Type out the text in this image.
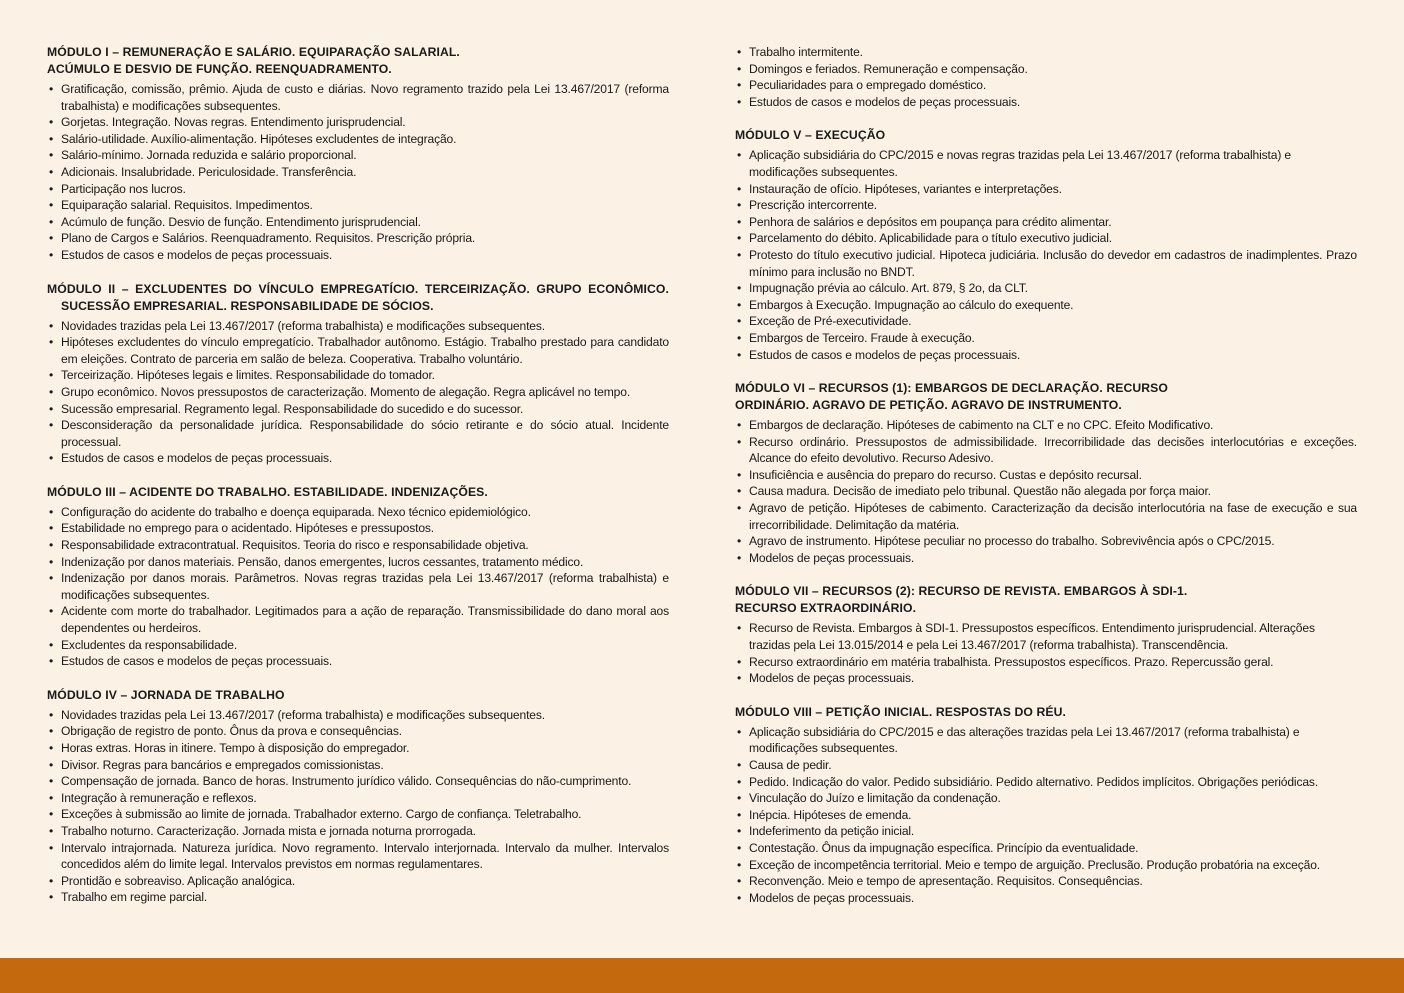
MÓDULO I – REMUNERAÇÃO E SALÁRIO. EQUIPARAÇÃO SALARIAL.
ACÚMULO E DESVIO DE FUNÇÃO. REENQUADRAMENTO.
• Gratificação, comissão, prêmio. Ajuda de custo e diárias. Novo regramento trazido pela Lei 13.467/2017 (reforma trabalhista) e modificações subsequentes.
• Gorjetas. Integração. Novas regras. Entendimento jurisprudencial.
• Salário-utilidade. Auxílio-alimentação. Hipóteses excludentes de integração.
• Salário-mínimo. Jornada reduzida e salário proporcional.
• Adicionais. Insalubridade. Periculosidade. Transferência.
• Participação nos lucros.
• Equiparação salarial. Requisitos. Impedimentos.
• Acúmulo de função. Desvio de função. Entendimento jurisprudencial.
• Plano de Cargos e Salários. Reenquadramento. Requisitos. Prescrição própria.
• Estudos de casos e modelos de peças processuais.
MÓDULO II – EXCLUDENTES DO VÍNCULO EMPREGATÍCIO. TERCEIRIZAÇÃO. GRUPO ECONÔMICO.
SUCESSÃO EMPRESARIAL. RESPONSABILIDADE DE SÓCIOS.
• Novidades trazidas pela Lei 13.467/2017 (reforma trabalhista) e modificações subsequentes.
• Hipóteses excludentes do vínculo empregatício. Trabalhador autônomo. Estágio. Trabalho prestado para candidato em eleições. Contrato de parceria em salão de beleza. Cooperativa. Trabalho voluntário.
• Terceirização. Hipóteses legais e limites. Responsabilidade do tomador.
• Grupo econômico. Novos pressupostos de caracterização. Momento de alegação. Regra aplicável no tempo.
• Sucessão empresarial. Regramento legal. Responsabilidade do sucedido e do sucessor.
• Desconsideração da personalidade jurídica. Responsabilidade do sócio retirante e do sócio atual. Incidente processual.
• Estudos de casos e modelos de peças processuais.
MÓDULO III – ACIDENTE DO TRABALHO. ESTABILIDADE. INDENIZAÇÕES.
• Configuração do acidente do trabalho e doença equiparada. Nexo técnico epidemiológico.
• Estabilidade no emprego para o acidentado. Hipóteses e pressupostos.
• Responsabilidade extracontratual. Requisitos. Teoria do risco e responsabilidade objetiva.
• Indenização por danos materiais. Pensão, danos emergentes, lucros cessantes, tratamento médico.
• Indenização por danos morais. Parâmetros. Novas regras trazidas pela Lei 13.467/2017 (reforma trabalhista) e modificações subsequentes.
• Acidente com morte do trabalhador. Legitimados para a ação de reparação. Transmissibilidade do dano moral aos dependentes ou herdeiros.
• Excludentes da responsabilidade.
• Estudos de casos e modelos de peças processuais.
MÓDULO IV – JORNADA DE TRABALHO
• Novidades trazidas pela Lei 13.467/2017 (reforma trabalhista) e modificações subsequentes.
• Obrigação de registro de ponto. Ônus da prova e consequências.
• Horas extras. Horas in itinere. Tempo à disposição do empregador.
• Divisor. Regras para bancários e empregados comissionistas.
• Compensação de jornada. Banco de horas. Instrumento jurídico válido. Consequências do não-cumprimento.
• Integração à remuneração e reflexos.
• Exceções à submissão ao limite de jornada. Trabalhador externo. Cargo de confiança. Teletrabalho.
• Trabalho noturno. Caracterização. Jornada mista e jornada noturna prorrogada.
• Intervalo intrajornada. Natureza jurídica. Novo regramento. Intervalo interjornada. Intervalo da mulher. Intervalos concedidos além do limite legal. Intervalos previstos em normas regulamentares.
• Prontidão e sobreaviso. Aplicação analógica.
• Trabalho em regime parcial.
• Trabalho intermitente.
• Domingos e feriados. Remuneração e compensação.
• Peculiaridades para o empregado doméstico.
• Estudos de casos e modelos de peças processuais.
MÓDULO V – EXECUÇÃO
• Aplicação subsidiária do CPC/2015 e novas regras trazidas pela Lei 13.467/2017 (reforma trabalhista) e modificações subsequentes.
• Instauração de ofício. Hipóteses, variantes e interpretações.
• Prescrição intercorrente.
• Penhora de salários e depósitos em poupança para crédito alimentar.
• Parcelamento do débito. Aplicabilidade para o título executivo judicial.
• Protesto do título executivo judicial. Hipoteca judiciária. Inclusão do devedor em cadastros de inadimplentes. Prazo mínimo para inclusão no BNDT.
• Impugnação prévia ao cálculo. Art. 879, § 2o, da CLT.
• Embargos à Execução. Impugnação ao cálculo do exequente.
• Exceção de Pré-executividade.
• Embargos de Terceiro. Fraude à execução.
• Estudos de casos e modelos de peças processuais.
MÓDULO VI – RECURSOS (1): EMBARGOS DE DECLARAÇÃO. RECURSO
ORDINÁRIO. AGRAVO DE PETIÇÃO. AGRAVO DE INSTRUMENTO.
• Embargos de declaração. Hipóteses de cabimento na CLT e no CPC. Efeito Modificativo.
• Recurso ordinário. Pressupostos de admissibilidade. Irrecorribilidade das decisões interlocutórias e exceções. Alcance do efeito devolutivo. Recurso Adesivo.
• Insuficiência e ausência do preparo do recurso. Custas e depósito recursal.
• Causa madura. Decisão de imediato pelo tribunal. Questão não alegada por força maior.
• Agravo de petição. Hipóteses de cabimento. Caracterização da decisão interlocutória na fase de execução e sua irrecorribilidade. Delimitação da matéria.
• Agravo de instrumento. Hipótese peculiar no processo do trabalho. Sobrevivência após o CPC/2015.
• Modelos de peças processuais.
MÓDULO VII – RECURSOS (2): RECURSO DE REVISTA. EMBARGOS À SDI-1.
RECURSO EXTRAORDINÁRIO.
• Recurso de Revista. Embargos à SDI-1. Pressupostos específicos. Entendimento jurisprudencial. Alterações trazidas pela Lei 13.015/2014 e pela Lei 13.467/2017 (reforma trabalhista). Transcendência.
• Recurso extraordinário em matéria trabalhista. Pressupostos específicos. Prazo. Repercussão geral.
• Modelos de peças processuais.
MÓDULO VIII – PETIÇÃO INICIAL. RESPOSTAS DO RÉU.
• Aplicação subsidiária do CPC/2015 e das alterações trazidas pela Lei 13.467/2017 (reforma trabalhista) e modificações subsequentes.
• Causa de pedir.
• Pedido. Indicação do valor. Pedido subsidiário. Pedido alternativo. Pedidos implícitos. Obrigações periódicas.
• Vinculação do Juízo e limitação da condenação.
• Inépcia. Hipóteses de emenda.
• Indeferimento da petição inicial.
• Contestação. Ônus da impugnação específica. Princípio da eventualidade.
• Exceção de incompetência territorial. Meio e tempo de arguição. Preclusão. Produção probatória na exceção.
• Reconvenção. Meio e tempo de apresentação. Requisitos. Consequências.
• Modelos de peças processuais.
